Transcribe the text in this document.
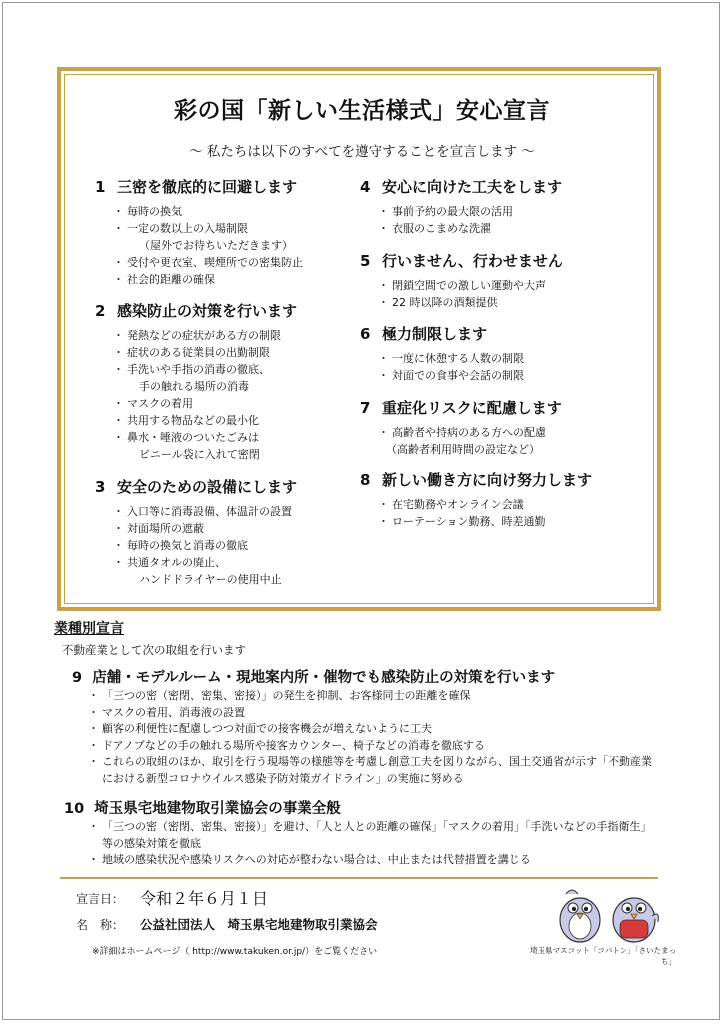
彩の国「新しい生活様式」安心宣言
～ 私たちは以下のすべてを遵守することを宣言します ～
1 三密を徹底的に回避します
・ 毎時の換気
・ 一定の数以上の入場制限
（屋外でお待ちいただきます）
・ 受付や更衣室、喫煙所での密集防止
・ 社会的距離の確保
2 感染防止の対策を行います
・ 発熱などの症状がある方の制限
・ 症状のある従業員の出勤制限
・ 手洗いや手指の消毒の徹底、
手の触れる場所の消毒
・ マスクの着用
・ 共用する物品などの最小化
・ 鼻水・唾液のついたごみは
ビニール袋に入れて密閉
3 安全のための設備にします
・ 入口等に消毒設備、体温計の設置
・ 対面場所の遮蔽
・ 毎時の換気と消毒の徹底
・ 共通タオルの廃止、
ハンドドライヤーの使用中止
4 安心に向けた工夫をします
・ 事前予約の最大限の活用
・ 衣服のこまめな洗濯
5 行いません、行わせません
・ 閉鎖空間での激しい運動や大声
・ 22 時以降の酒類提供
6 極力制限します
・ 一度に休憩する人数の制限
・ 対面での食事や会話の制限
7 重症化リスクに配慮します
・ 高齢者や持病のある方への配慮
（高齢者利用時間の設定など）
8 新しい働き方に向け努力します
・ 在宅勤務やオンライン会議
・ ローテーション勤務、時差通勤
業種別宣言
不動産業として次の取組を行います
9 店舗・モデルルーム・現地案内所・催物でも感染防止の対策を行います
・ 「三つの密（密閉、密集、密接）」の発生を抑制、お客様同士の距離を確保
・ マスクの着用、消毒液の設置
・ 顧客の利便性に配慮しつつ対面での接客機会が増えないように工夫
・ ドアノブなどの手の触れる場所や接客カウンター、椅子などの消毒を徹底する
・ これらの取組のほか、取引を行う現場等の様態等を考慮し創意工夫を図りながら、国土交通省が示す「不動産業における新型コロナウイルス感染予防対策ガイドライン」の実施に努める
10 埼玉県宅地建物取引業協会の事業全般
・ 「三つの密（密閉、密集、密接）」を避け、「人と人との距離の確保」「マスクの着用」「手洗いなどの手指衛生」等の感染対策を徹底
・ 地域の感染状況や感染リスクへの対応が整わない場合は、中止または代替措置を講じる
宣言日： 令和２年６月１日
名　称： 公益社団法人　埼玉県宅地建物取引業協会
※詳細はホームページ（ http://www.takuken.or.jp/）をご覧ください	埼玉県マスコット「コバトン」「さいたまっち」
